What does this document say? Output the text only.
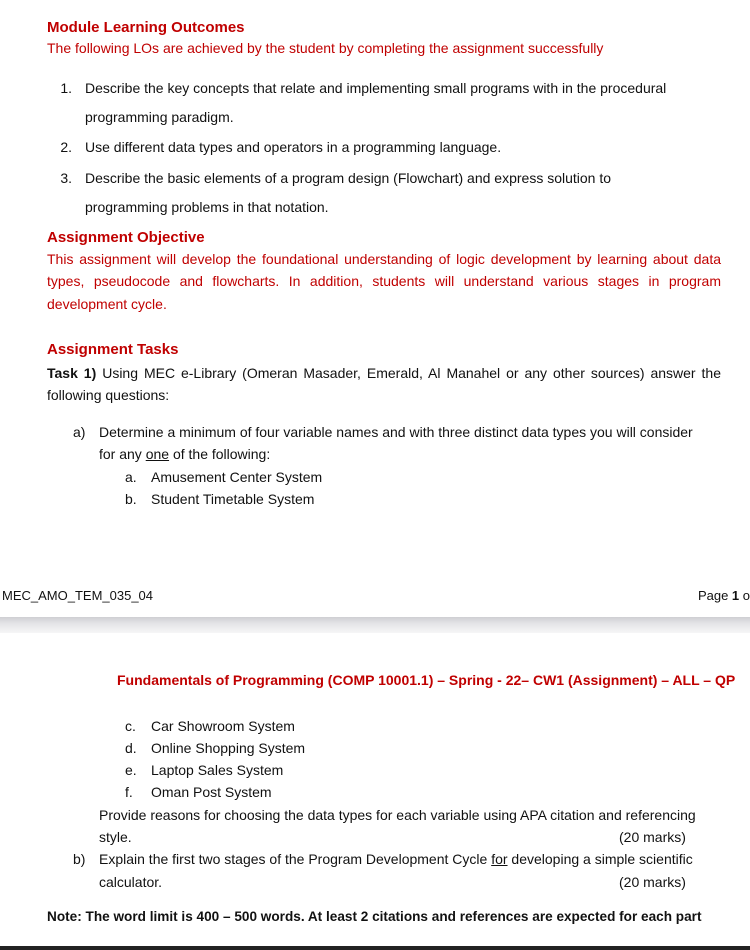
Module Learning Outcomes
The following LOs are achieved by the student by completing the assignment successfully
1. Describe the key concepts that relate and implementing small programs with in the procedural
programming paradigm.
2. Use different data types and operators in a programming language.
3. Describe the basic elements of a program design (Flowchart) and express solution to
programming problems in that notation.
Assignment Objective
This assignment will develop the foundational understanding of logic development by learning about data
types, pseudocode and flowcharts. In addition, students will understand various stages in program
development cycle.
Assignment Tasks
Task 1) Using MEC e-Library (Omeran Masader, Emerald, Al Manahel or any other sources) answer the
following questions:
a) Determine a minimum of four variable names and with three distinct data types you will consider
for any one of the following:
a. Amusement Center System
b. Student Timetable System
MEC_AMO_TEM_035_04	Page 1 o
Fundamentals of Programming (COMP 10001.1) – Spring - 22– CW1 (Assignment) – ALL – QP
c. Car Showroom System
d. Online Shopping System
e. Laptop Sales System
f. Oman Post System
Provide reasons for choosing the data types for each variable using APA citation and referencing
style.	(20 marks)
b) Explain the first two stages of the Program Development Cycle for developing a simple scientific
calculator.	(20 marks)
Note: The word limit is 400 – 500 words. At least 2 citations and references are expected for each part
